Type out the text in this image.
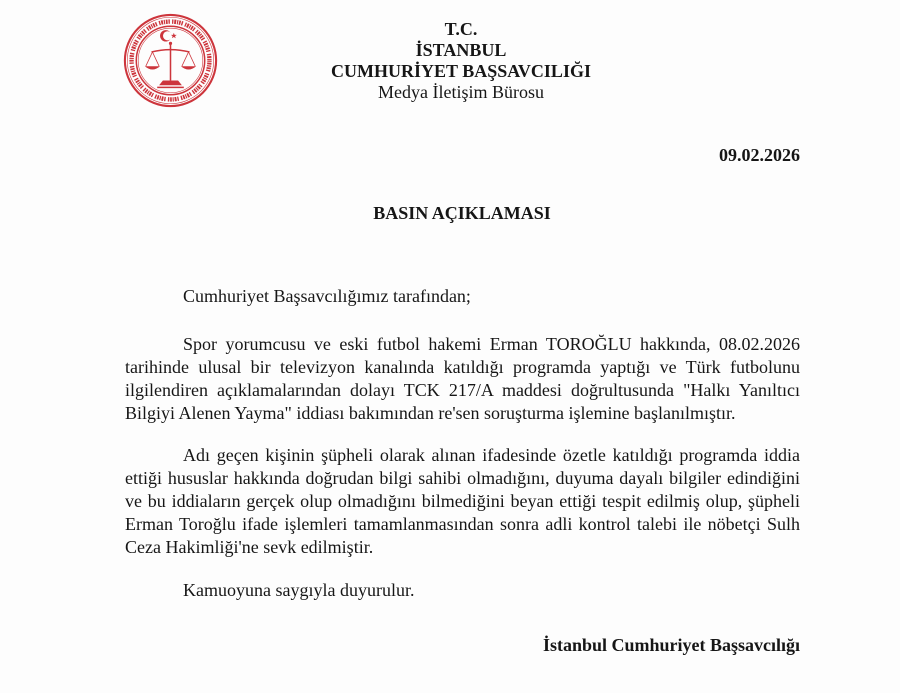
T.C.
İSTANBUL
CUMHURİYET BAŞSAVCILIĞI
Medya İletişim Bürosu
09.02.2026
BASIN AÇIKLAMASI
Cumhuriyet Başsavcılığımız tarafından;
Spor yorumcusu ve eski futbol hakemi Erman TOROĞLU hakkında, 08.02.2026
tarihinde ulusal bir televizyon kanalında katıldığı programda yaptığı ve Türk futbolunu
ilgilendiren açıklamalarından dolayı TCK 217/A maddesi doğrultusunda "Halkı Yanıltıcı
Bilgiyi Alenen Yayma" iddiası bakımından re'sen soruşturma işlemine başlanılmıştır.
Adı geçen kişinin şüpheli olarak alınan ifadesinde özetle katıldığı programda iddia
ettiği hususlar hakkında doğrudan bilgi sahibi olmadığını, duyuma dayalı bilgiler edindiğini
ve bu iddiaların gerçek olup olmadığını bilmediğini beyan ettiği tespit edilmiş olup, şüpheli
Erman Toroğlu ifade işlemleri tamamlanmasından sonra adli kontrol talebi ile nöbetçi Sulh
Ceza Hakimliği'ne sevk edilmiştir.
Kamuoyuna saygıyla duyurulur.
İstanbul Cumhuriyet Başsavcılığı
